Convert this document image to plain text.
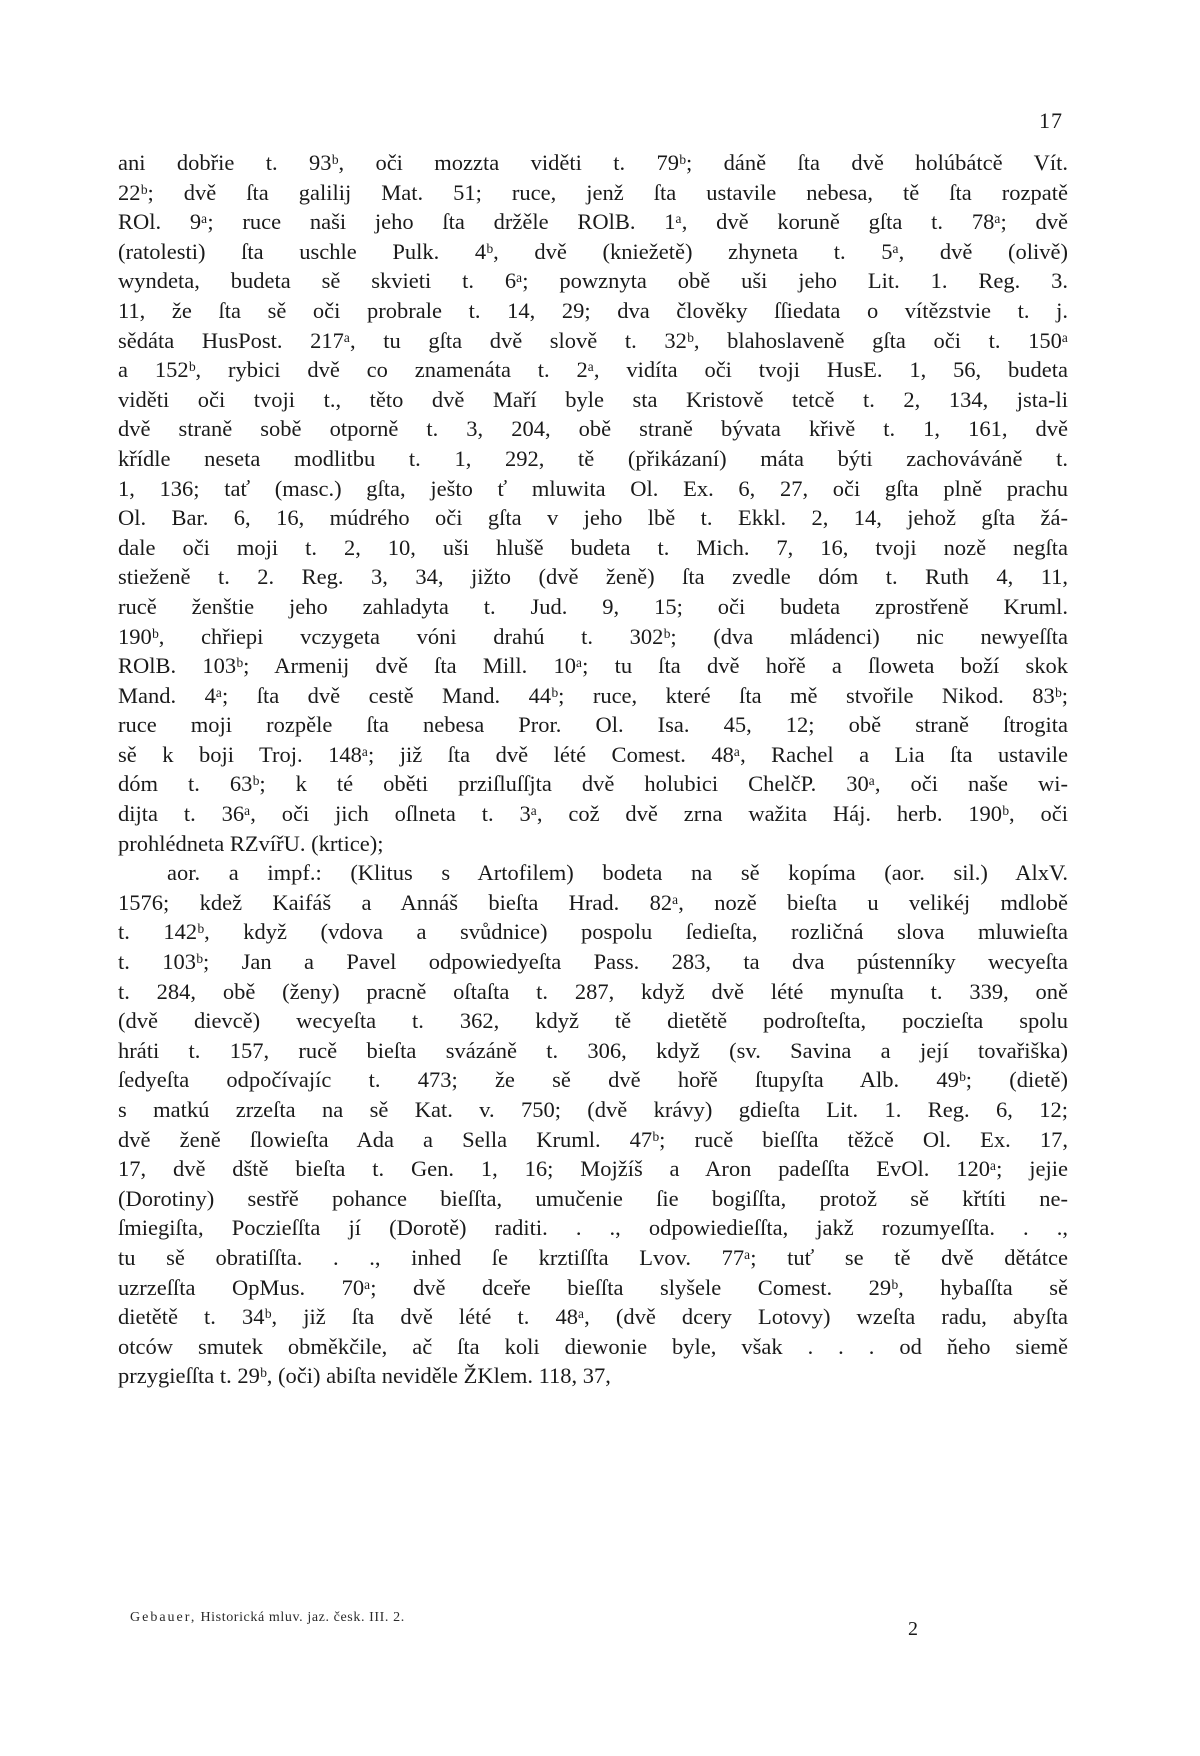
17
ani dobřie t. 93ᵇ, oči mozzta viděti t. 79ᵇ; dáně ſta dvě holúbátcě Vít.
22ᵇ; dvě ſta galilij Mat. 51; ruce, jenž ſta ustavile nebesa, tě ſta rozpatě
ROl. 9ᵃ; ruce naši jeho ſta držěle ROlB. 1ᵃ, dvě koruně gſta t. 78ᵃ; dvě
(ratolesti) ſta uschle Pulk. 4ᵇ, dvě (kniežetě) zhyneta t. 5ᵃ, dvě (olivě)
wyndeta, budeta sě skvieti t. 6ᵃ; powznyta obě uši jeho Lit. 1. Reg. 3.
11, že ſta sě oči probrale t. 14, 29; dva člověky ſſiedata o vítězstvie t. j.
sědáta HusPost. 217ᵃ, tu gſta dvě slově t. 32ᵇ, blahoslaveně gſta oči t. 150ᵃ
a 152ᵇ, rybici dvě co znamenáta t. 2ᵃ, vidíta oči tvoji HusE. 1, 56, budeta
viděti oči tvoji t., těto dvě Maří byle sta Kristově tetcě t. 2, 134, jsta-li
dvě straně sobě otporně t. 3, 204, obě straně bývata křivě t. 1, 161, dvě
křídle neseta modlitbu t. 1, 292, tě (přikázaní) máta býti zachováváně t.
1, 136; tať (masc.) gſta, ješto ť mluwita Ol. Ex. 6, 27, oči gſta plně prachu
Ol. Bar. 6, 16, múdrého oči gſta v jeho lbě t. Ekkl. 2, 14, jehož gſta žá-
dale oči moji t. 2, 10, uši hlušě budeta t. Mich. 7, 16, tvoji nozě negſta
stieženě t. 2. Reg. 3, 34, jižto (dvě ženě) ſta zvedle dóm t. Ruth 4, 11,
rucě ženštie jeho zahladyta t. Jud. 9, 15; oči budeta zprostřeně Kruml.
190ᵇ, chřiepi vczygeta vóni drahú t. 302ᵇ; (dva mládenci) nic newyeſſta
ROlB. 103ᵇ; Armenij dvě ſta Mill. 10ᵃ; tu ſta dvě hořě a ſloweta boží skok
Mand. 4ᵃ; ſta dvě cestě Mand. 44ᵇ; ruce, které ſta mě stvořile Nikod. 83ᵇ;
ruce moji rozpěle ſta nebesa Pror. Ol. Isa. 45, 12; obě straně ſtrogita
sě k boji Troj. 148ᵃ; již ſta dvě lété Comest. 48ᵃ, Rachel a Lia ſta ustavile
dóm t. 63ᵇ; k té oběti prziſluſſjta dvě holubici ChelčP. 30ᵃ, oči naše wi-
dijta t. 36ᵃ, oči jich oſlneta t. 3ᵃ, což dvě zrna wažita Háj. herb. 190ᵇ, oči
prohlédneta RZvířU. (krtice);
aor. a impf.: (Klitus s Artofilem) bodeta na sě kopíma (aor. sil.) AlxV.
1576; kdež Kaifáš a Annáš bieſta Hrad. 82ᵃ, nozě bieſta u velikéj mdlobě
t. 142ᵇ, když (vdova a svůdnice) pospolu ſedieſta, rozličná slova mluwieſta
t. 103ᵇ; Jan a Pavel odpowiedyeſta Pass. 283, ta dva pústenníky wecyeſta
t. 284, obě (ženy) pracně oſtaſta t. 287, když dvě lété mynuſta t. 339, oně
(dvě dievcě) wecyeſta t. 362, když tě dietětě podroſteſta, poczieſta spolu
hráti t. 157, rucě bieſta svázáně t. 306, když (sv. Savina a její tovařiška)
ſedyeſta odpočívajíc t. 473; že sě dvě hořě ſtupyſta Alb. 49ᵇ; (dietě)
s matkú zrzeſta na sě Kat. v. 750; (dvě krávy) gdieſta Lit. 1. Reg. 6, 12;
dvě ženě ſlowieſta Ada a Sella Kruml. 47ᵇ; rucě bieſſta těžcě Ol. Ex. 17,
17, dvě dště bieſta t. Gen. 1, 16; Mojžíš a Aron padeſſta EvOl. 120ᵃ; jejie
(Dorotiny) sestřě pohance bieſſta, umučenie ſie bogiſſta, protož sě křtíti ne-
ſmiegiſta, Poczieſſta jí (Dorotě) raditi. . ., odpowiedieſſta, jakž rozumyeſſta. . .,
tu sě obratiſſta. . ., inhed ſe krztiſſta Lvov. 77ᵃ; tuť se tě dvě dětátce
uzrzeſſta OpMus. 70ᵃ; dvě dceře bieſſta slyšele Comest. 29ᵇ, hybaſſta sě
dietětě t. 34ᵇ, již ſta dvě lété t. 48ᵃ, (dvě dcery Lotovy) wzeſta radu, abyſta
otców smutek obměkčile, ač ſta koli diewonie byle, však . . . od ňeho siemě
przygieſſta t. 29ᵇ, (oči) abiſta neviděle ŽKlem. 118, 37,
Gebauer, Historická mluv. jaz. česk. III. 2.
2
